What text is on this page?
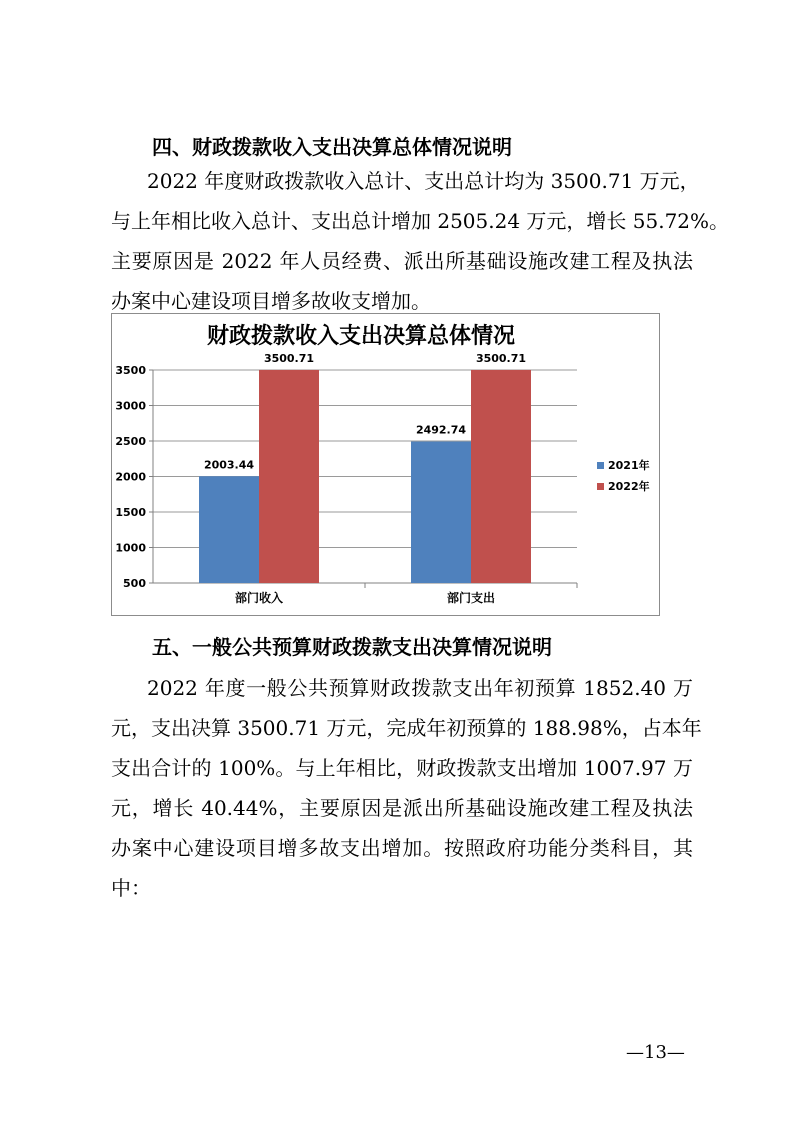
四、财政拨款收入支出决算总体情况说明
2022 年度财政拨款收入总计、支出总计均为 3500.71 万元，
与上年相比收入总计、支出总计增加 2505.24 万元，增长 55.72%。
主要原因是 2022 年人员经费、派出所基础设施改建工程及执法
办案中心建设项目增多故收支增加。
财政拨款收入支出决算总体情况
500
1000
1500
2000
2500
3000
3500
2003.44
3500.71
部门收入
2492.74
3500.71
部门支出
2021年
2022年
五、一般公共预算财政拨款支出决算情况说明
2022 年度一般公共预算财政拨款支出年初预算 1852.40 万
元，支出决算 3500.71 万元，完成年初预算的 188.98%，占本年
支出合计的 100%。与上年相比，财政拨款支出增加 1007.97 万
元，增长 40.44%，主要原因是派出所基础设施改建工程及执法
办案中心建设项目增多故支出增加。按照政府功能分类科目，其
中：
—13—
